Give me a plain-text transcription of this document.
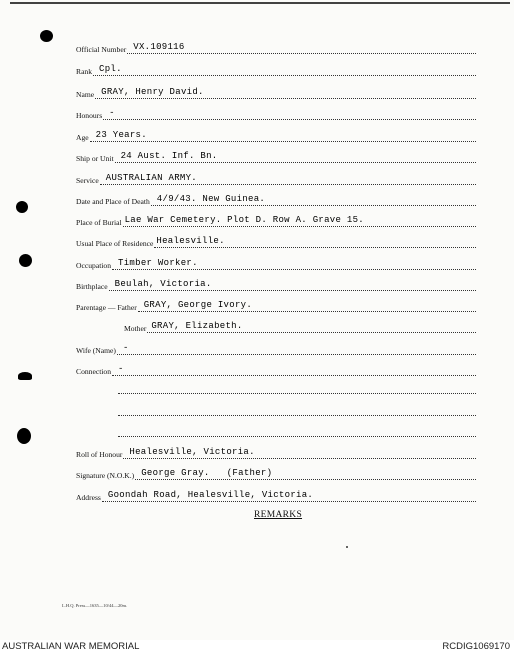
Official Number VX.109116
Rank Cpl.
Name GRAY, Henry David.
Honours -
Age 23 Years.
Ship or Unit 24 Aust. Inf. Bn.
Service AUSTRALIAN ARMY.
Date and Place of Death 4/9/43. New Guinea.
Place of Burial Lae War Cemetery. Plot D. Row A. Grave 15.
Usual Place of Residence Healesville.
Occupation Timber Worker.
Birthplace Beulah, Victoria.
Parentage — Father GRAY, George Ivory.
Mother GRAY, Elizabeth.
Wife (Name) -
Connection -
Roll of Honour Healesville, Victoria.
Signature (N.O.K.) George Gray.   (Father)
Address Goondah Road, Healesville, Victoria.
REMARKS
L.H.Q. Press—1635—10/44—20m.
AUSTRALIAN WAR MEMORIAL	RCDIG1069170
